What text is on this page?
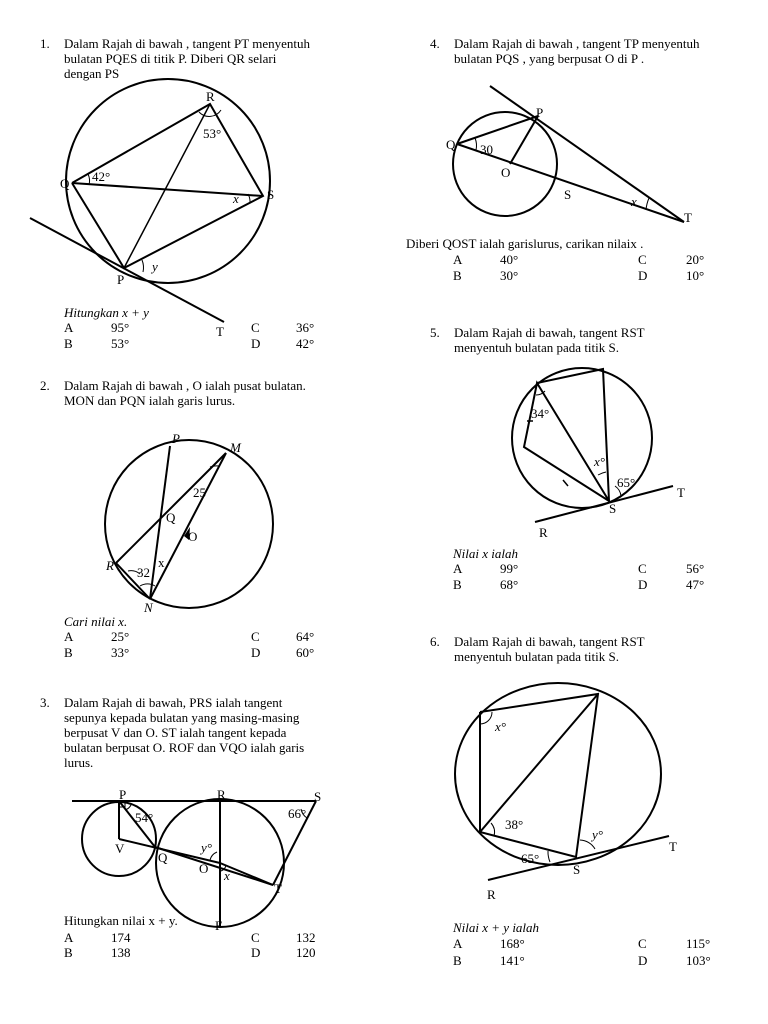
1. Dalam Rajah di bawah , tangent PT menyentuh
bulatan PQES di titik P. Diberi QR selari
dengan PS
R
Q
S
P
T
53°
42°
x
y
Hitungkan x + y
A	95°	C	36°
B	53°	D	42°
2. Dalam Rajah di bawah , O ialah pusat bulatan.
MON dan PQN ialah garis lurus.
P
M
Q
O
R
N
25
32
x
Cari nilai x.
A	25°	C	64°
B	33°	D	60°
3. Dalam Rajah di bawah, PRS ialah tangent
sepunya kepada bulatan yang masing-masing
berpusat V dan O. ST ialah tangent kepada
bulatan berpusat O. ROF dan VQO ialah garis
lurus.
P	R	S
V
Q
O
T
F
54°	66°
y°
x
Hitungkan nilai x + y.
A	174	C	132
B	138	D	120
4. Dalam Rajah di bawah , tangent TP menyentuh
bulatan PQS , yang berpusat O di P .
P
Q
O
S
T
30
x
Diberi QOST ialah garislurus, carikan nilaix .
A	40°	C	20°
B	30°	D	10°
5. Dalam Rajah di bawah, tangent RST
menyentuh bulatan pada titik S.
34°
x°
65°
T
S
R
Nilai x ialah
A	99°	C	56°
B	68°	D	47°
6. Dalam Rajah di bawah, tangent RST
menyentuh bulatan pada titik S.
x°
38°
y°
65°
S
T
R
Nilai x + y ialah
A	168°	C	115°
B	141°	D	103°
